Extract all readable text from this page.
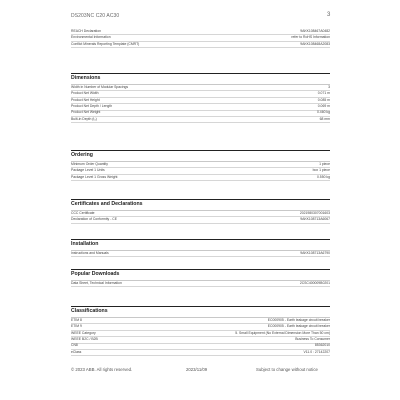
DS203NC C20 AC30	3
REACH Declaration	9AKK108467A0482
Environmental Information	refer to RoHS Information
Conflict Minerals Reporting Template (CMRT)	9AKK108468A2083
Dimensions
Width in Number of Modular Spacings	3
Product Net Width	0.071 m
Product Net Height	0.085 m
Product Net Depth / Length	0.069 m
Product Net Weight	0.460 kg
Built-in Depth (t₂)	68 mm
Ordering
Minimum Order Quantity	1 piece
Package Level 1 Units	box 1 piece
Package Level 1 Gross Weight	0.550 kg
Certificates and Declarations
CCC Certificate	2021980307001603
Declaration of Conformity - CE	9AKK108713A6067
Installation
Instructions and Manuals	9AKK108713A6790
Popular Downloads
Data Sheet, Technical Information	2CSC400009B0201
Classifications
ETIM 8	EC000905 - Earth leakage circuit breaker
ETIM 9	EC000905 - Earth leakage circuit breaker
WEEE Category	5. Small Equipment (No External Dimension More Than 50 cm)
WEEE B2C / B2B	Business To Consumer
CN8	85362010
eClass	V11.0 : 27142207
© 2023 ABB. All rights reserved.	2023/11/09	Subject to change without notice
